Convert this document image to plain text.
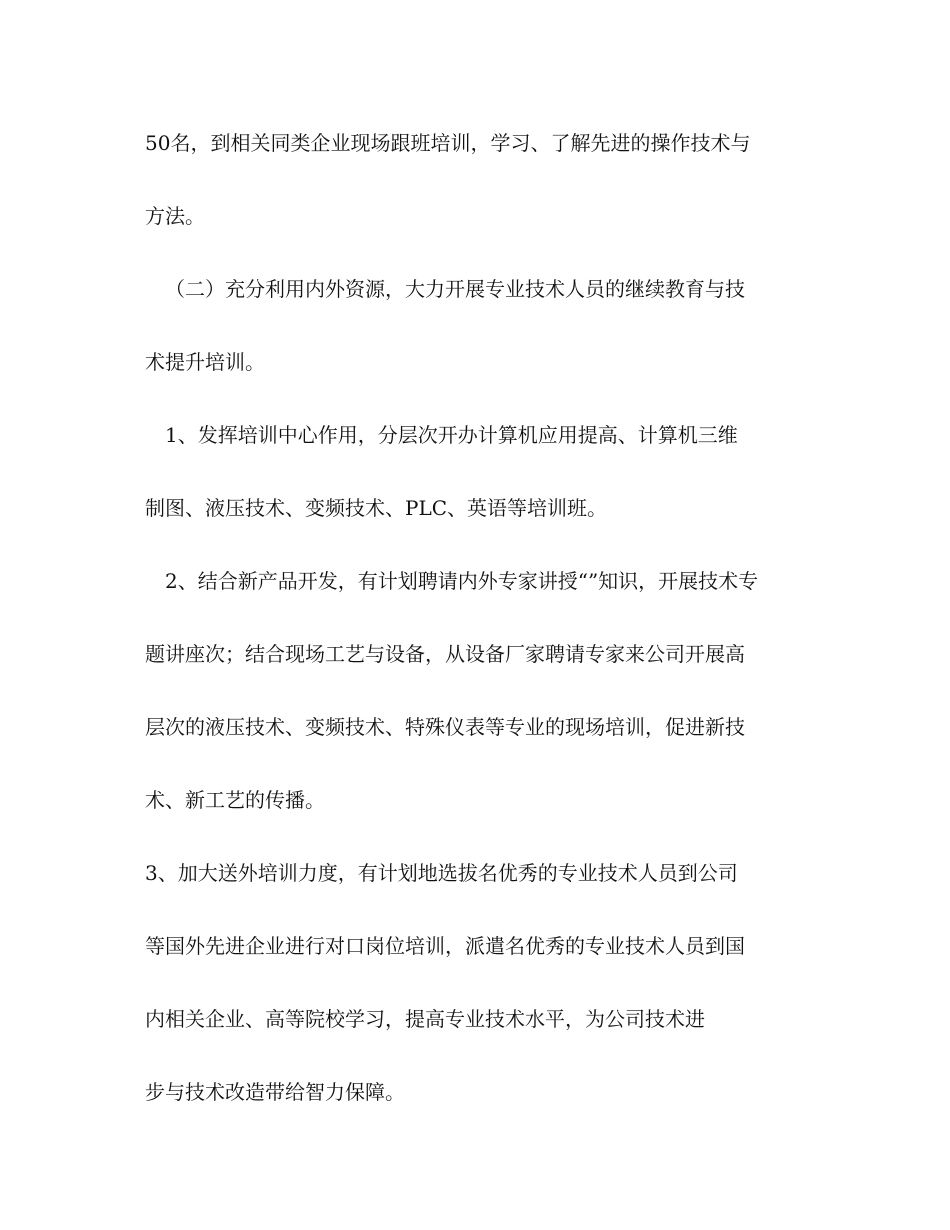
50名，到相关同类企业现场跟班培训，学习、了解先进的操作技术与

方法。

（二）充分利用内外资源，大力开展专业技术人员的继续教育与技

术提升培训。

1、发挥培训中心作用，分层次开办计算机应用提高、计算机三维

制图、液压技术、变频技术、PLC、英语等培训班。

2、结合新产品开发，有计划聘请内外专家讲授“”知识，开展技术专

题讲座次；结合现场工艺与设备，从设备厂家聘请专家来公司开展高

层次的液压技术、变频技术、特殊仪表等专业的现场培训，促进新技

术、新工艺的传播。

3、加大送外培训力度，有计划地选拔名优秀的专业技术人员到公司

等国外先进企业进行对口岗位培训，派遣名优秀的专业技术人员到国

内相关企业、高等院校学习，提高专业技术水平，为公司技术进

步与技术改造带给智力保障。
